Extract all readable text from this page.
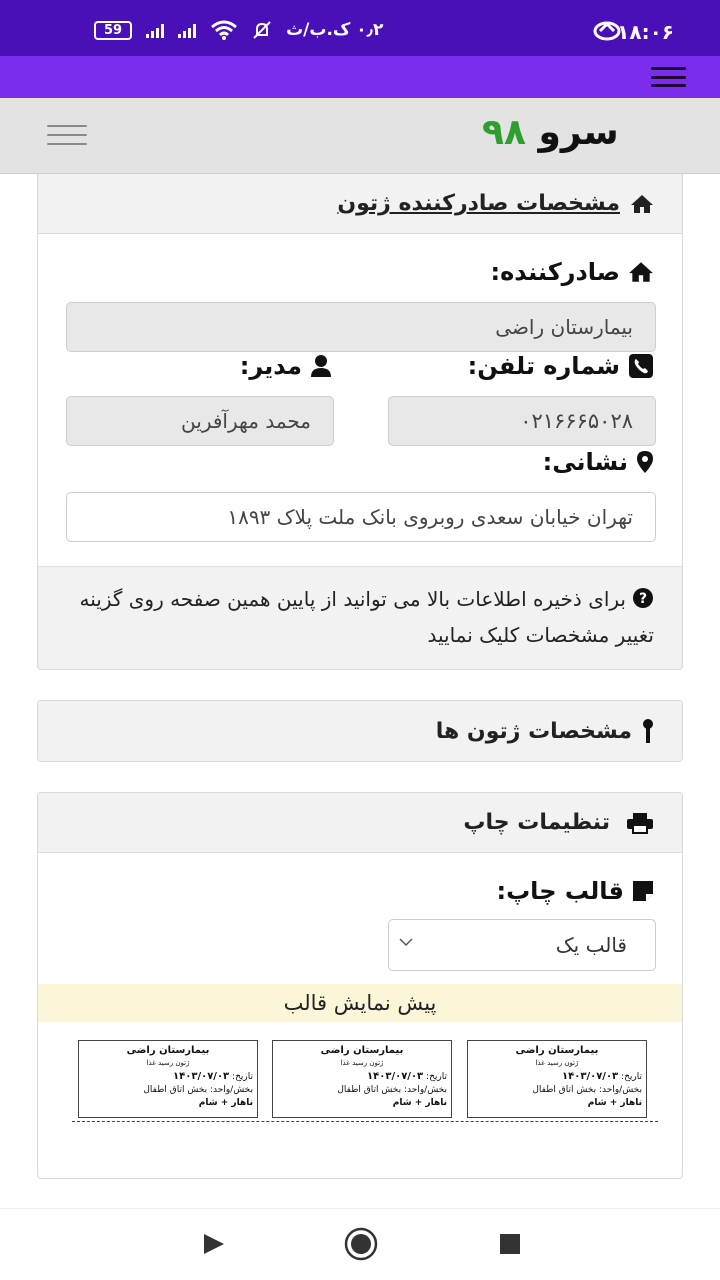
59	۰٫۲ ک.ب/ث	۱۸:۰۶
سرو ۹۸
مشخصات صادرکننده ژتون
صادرکننده:
بیمارستان راضی
شماره تلفن:
مدیر:
۰۲۱۶۶۶۵۰۲۸
محمد مهرآفرین
نشانی:
تهران خیابان سعدی روبروی بانک ملت پلاک ۱۸۹۳
?
برای ذخیره اطلاعات بالا می توانید از پایین همین صفحه روی گزینه تغییر مشخصات کلیک نمایید
مشخصات ژتون ها
تنظیمات چاپ
قالب چاپ:
قالب یک
پیش نمایش قالب
بیمارستان راضی
ژتون رسید غذا
تاریخ: ۱۴۰۳/۰۷/۰۳
بخش/واحد: بخش اتاق اطفال
ناهار + شام
بیمارستان راضی
ژتون رسید غذا
تاریخ: ۱۴۰۳/۰۷/۰۳
بخش/واحد: بخش اتاق اطفال
ناهار + شام
بیمارستان راضی
ژتون رسید غذا
تاریخ: ۱۴۰۳/۰۷/۰۳
بخش/واحد: بخش اتاق اطفال
ناهار + شام
